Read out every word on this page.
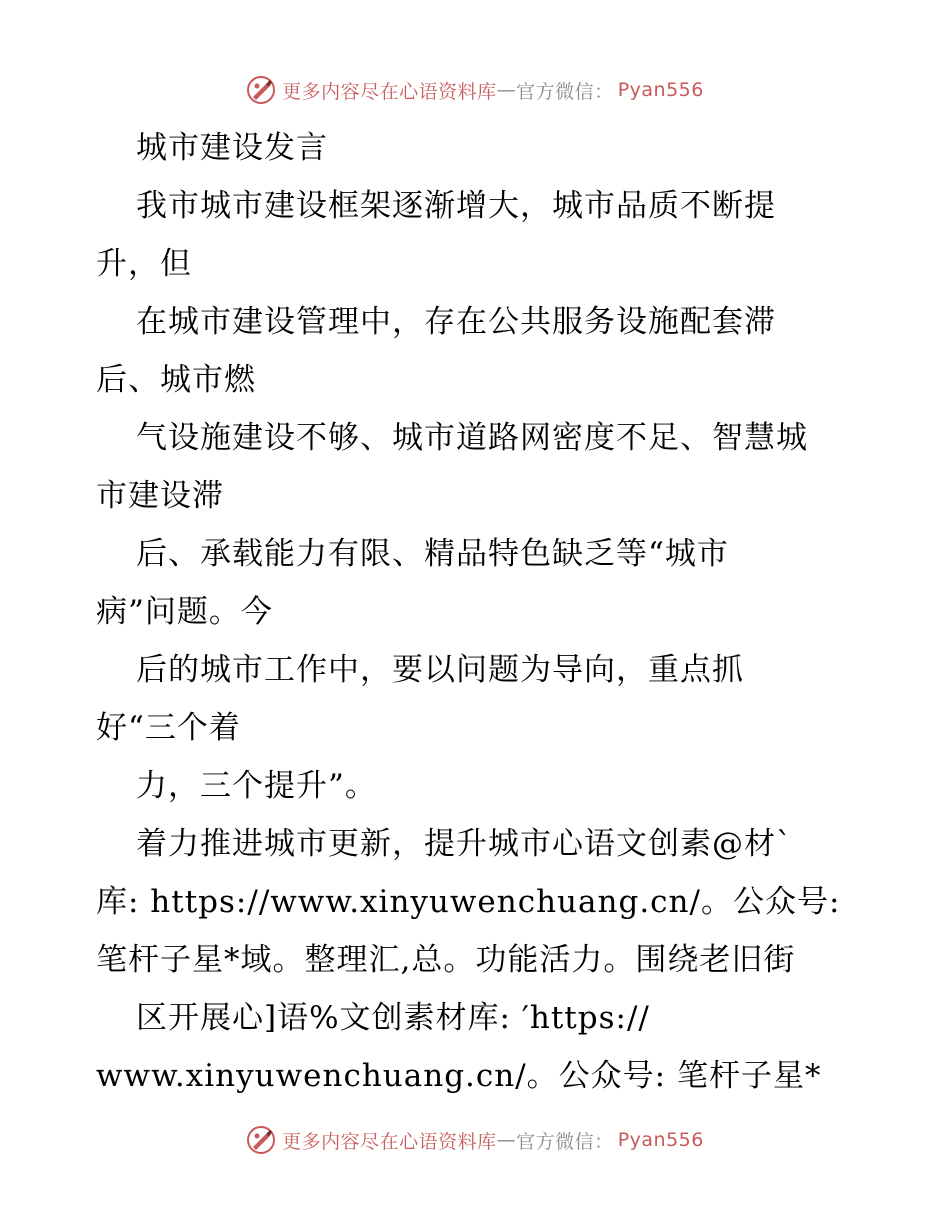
更多内容尽在心语资料库 — 官方微信： Pyan556
城市建设发言
我市城市建设框架逐渐增大，城市品质不断提
升，但
在城市建设管理中，存在公共服务设施配套滞
后、城市燃
气设施建设不够、城市道路网密度不足、智慧城
市建设滞
后、承载能力有限、精品特色缺乏等“城市
病”问题。今
后的城市工作中，要以问题为导向，重点抓
好“三个着
力，三个提升”。
着力推进城市更新，提升城市心语文创素@材`
库: https://www.xinyuwenchuang.cn/。公众号:
笔杆子星*域。整理汇,总。功能活力。围绕老旧街
区开展心]语%文创素材库: ′https://
www.xinyuwenchuang.cn/。公众号: 笔杆子星*
更多内容尽在心语资料库 — 官方微信： Pyan556
